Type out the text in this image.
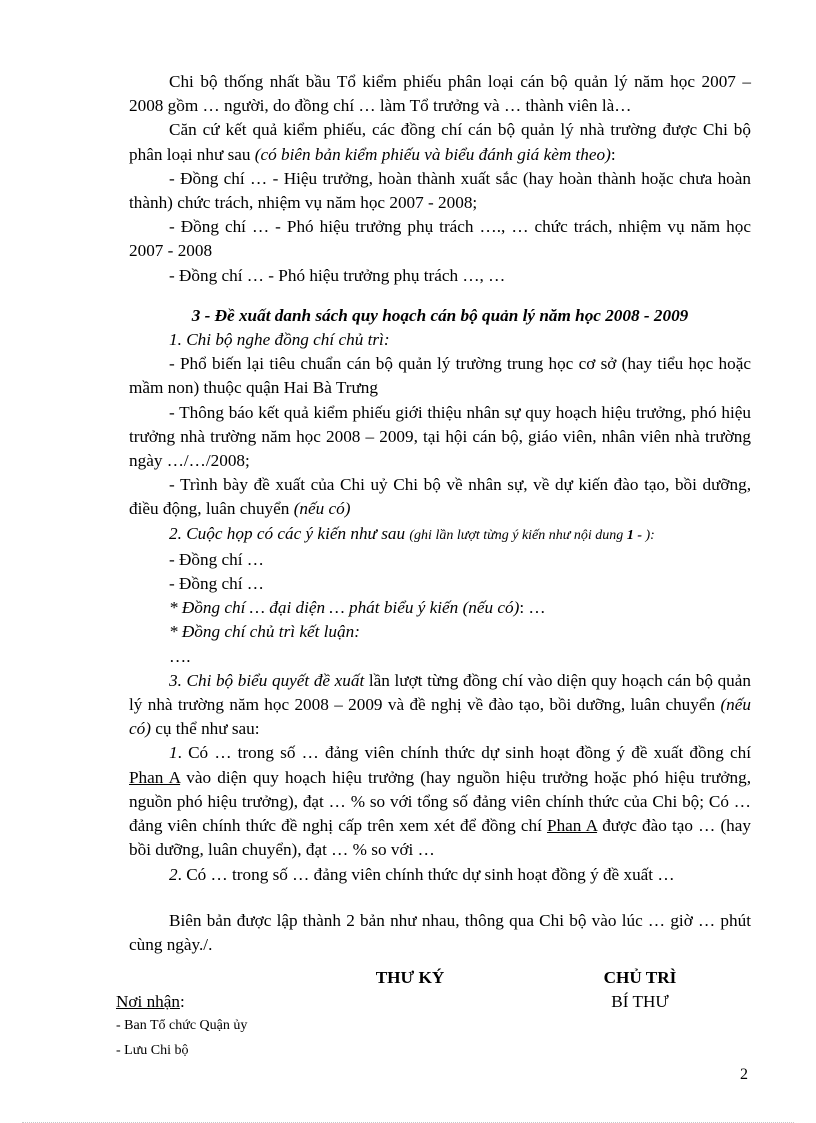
Chi bộ thống nhất bầu Tổ kiểm phiếu phân loại cán bộ quản lý năm học 2007 – 2008 gồm … người, do đồng chí … làm Tổ trưởng và … thành viên là…

Căn cứ kết quả kiểm phiếu, các đồng chí cán bộ quản lý nhà trường được Chi bộ phân loại như sau (có biên bản kiểm phiếu và biểu đánh giá kèm theo):

- Đồng chí … - Hiệu trưởng, hoàn thành xuất sắc (hay hoàn thành hoặc chưa hoàn thành) chức trách, nhiệm vụ năm học 2007 - 2008;

- Đồng chí … - Phó hiệu trưởng phụ trách …., … chức trách, nhiệm vụ năm học 2007 - 2008

- Đồng chí … - Phó hiệu trưởng phụ trách …, …

3 - Đề xuất danh sách quy hoạch cán bộ quản lý năm học 2008 - 2009

1. Chi bộ nghe đồng chí chủ trì:

- Phổ biến lại tiêu chuẩn cán bộ quản lý trường trung học cơ sở (hay tiểu học hoặc mầm non) thuộc quận Hai Bà Trưng

- Thông báo kết quả kiểm phiếu giới thiệu nhân sự quy hoạch hiệu trưởng, phó hiệu trưởng nhà trường năm học 2008 – 2009, tại hội cán bộ, giáo viên, nhân viên nhà trường ngày …/…/2008;

- Trình bày đề xuất của Chi uỷ Chi bộ về nhân sự, về dự kiến đào tạo, bồi dưỡng, điều động, luân chuyển (nếu có)

2. Cuộc họp có các ý kiến như sau (ghi lần lượt từng ý kiến như nội dung 1 - ):

- Đồng chí …

- Đồng chí …

* Đồng chí … đại diện … phát biểu ý kiến (nếu có): …

* Đồng chí chủ trì kết luận:

….

3. Chi bộ biểu quyết đề xuất lần lượt từng đồng chí vào diện quy hoạch cán bộ quản lý nhà trường năm học 2008 – 2009 và đề nghị về đào tạo, bồi dưỡng, luân chuyển (nếu có) cụ thể như sau:

1. Có … trong số … đảng viên chính thức dự sinh hoạt đồng ý đề xuất đồng chí Phan A vào diện quy hoạch hiệu trưởng (hay nguồn hiệu trưởng hoặc phó hiệu trưởng, nguồn phó hiệu trưởng), đạt … % so với tổng số đảng viên chính thức của Chi bộ; Có … đảng viên chính thức đề nghị cấp trên xem xét để đồng chí Phan A được đào tạo … (hay bồi dưỡng, luân chuyển), đạt … % so với …

2. Có … trong số … đảng viên chính thức dự sinh hoạt đồng ý đề xuất …

Biên bản được lập thành 2 bản như nhau, thông qua Chi bộ vào lúc … giờ … phút cùng ngày./.

THƯ KÝ	CHỦ TRÌ
BÍ THƯ
Nơi nhận:
- Ban Tổ chức Quận ủy
- Lưu Chi bộ
2
